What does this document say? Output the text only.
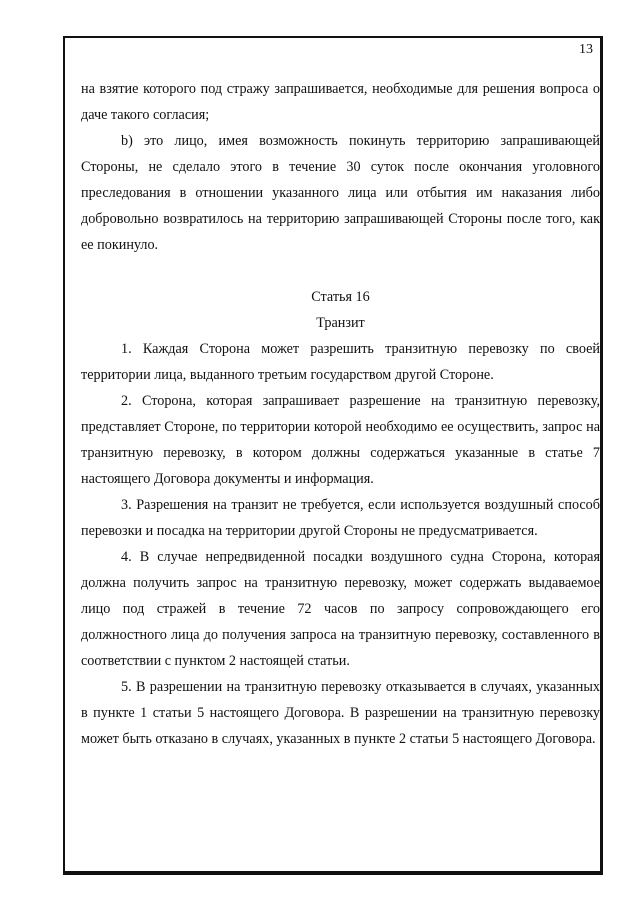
13

на взятие которого под стражу запрашивается, необходимые для решения вопроса о даче такого согласия;

b) это лицо, имея возможность покинуть территорию запрашивающей Стороны, не сделало этого в течение 30 суток после окончания уголовного преследования в отношении указанного лица или отбытия им наказания либо добровольно возвратилось на территорию запрашивающей Стороны после того, как ее покинуло.

Статья 16

Транзит

1. Каждая Сторона может разрешить транзитную перевозку по своей территории лица, выданного третьим государством другой Стороне.

2. Сторона, которая запрашивает разрешение на транзитную перевозку, представляет Стороне, по территории которой необходимо ее осуществить, запрос на транзитную перевозку, в котором должны содержаться указанные в статье 7 настоящего Договора документы и информация.

3. Разрешения на транзит не требуется, если используется воздушный способ перевозки и посадка на территории другой Стороны не предусматривается.

4. В случае непредвиденной посадки воздушного судна Сторона, которая должна получить запрос на транзитную перевозку, может содержать выдаваемое лицо под стражей в течение 72 часов по запросу сопровождающего его должностного лица до получения запроса на транзитную перевозку, составленного в соответствии с пунктом 2 настоящей статьи.

5. В разрешении на транзитную перевозку отказывается в случаях, указанных в пункте 1 статьи 5 настоящего Договора. В разрешении на транзитную перевозку может быть отказано в случаях, указанных в пункте 2 статьи 5 настоящего Договора.
